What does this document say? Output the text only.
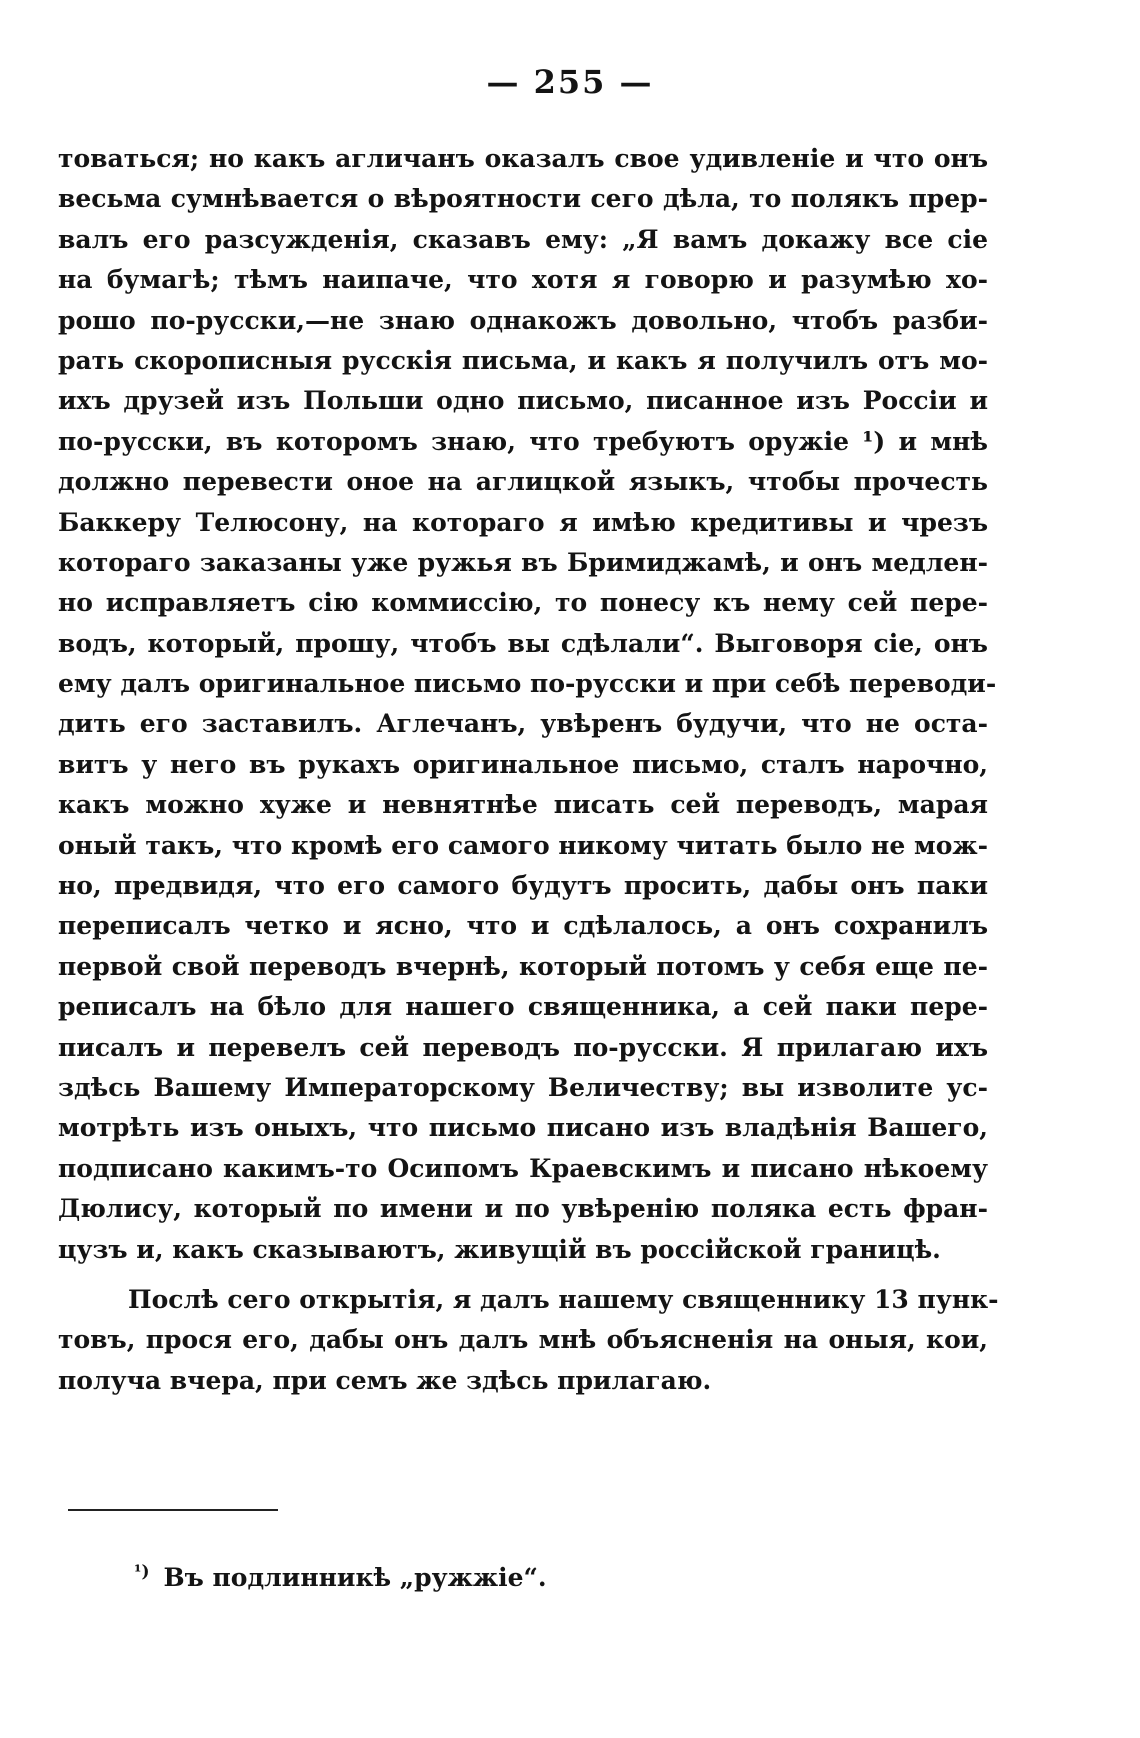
— 255 —
товаться; но какъ агличанъ оказалъ свое удивленіе и что онъ
весьма сумнѣвается о вѣроятности сего дѣла, то полякъ прер-
валъ его разсужденія, сказавъ ему: „Я вамъ докажу все сіе
на бумагѣ; тѣмъ наипаче, что хотя я говорю и разумѣю хо-
рошо по-русски,—не знаю однакожъ довольно, чтобъ разби-
рать скорописныя русскія письма, и какъ я получилъ отъ мо-
ихъ друзей изъ Польши одно письмо, писанное изъ Россіи и
по-русски, въ которомъ знаю, что требуютъ оружіе ¹) и мнѣ
должно перевести оное на аглицкой языкъ, чтобы прочесть
Баккеру Телюсону, на котораго я имѣю кредитивы и чрезъ
котораго заказаны уже ружья въ Бримиджамѣ, и онъ медлен-
но исправляетъ сію коммиссію, то понесу къ нему сей пере-
водъ, который, прошу, чтобъ вы сдѣлали“. Выговоря сіе, онъ
ему далъ оригинальное письмо по-русски и при себѣ переводи-
дить его заставилъ. Аглечанъ, увѣренъ будучи, что не оста-
витъ у него въ рукахъ оригинальное письмо, сталъ нарочно,
какъ можно хуже и невнятнѣе писать сей переводъ, марая
оный такъ, что кромѣ его самого никому читать было не мож-
но, предвидя, что его самого будутъ просить, дабы онъ паки
переписалъ четко и ясно, что и сдѣлалось, а онъ сохранилъ
первой свой переводъ вчернѣ, который потомъ у себя еще пе-
реписалъ на бѣло для нашего священника, а сей паки пере-
писалъ и перевелъ сей переводъ по-русски. Я прилагаю ихъ
здѣсь Вашему Императорскому Величеству; вы изволите ус-
мотрѣть изъ оныхъ, что письмо писано изъ владѣнія Вашего,
подписано какимъ-то Осипомъ Краевскимъ и писано нѣкоему
Дюлису, который по имени и по увѣренію поляка есть фран-
цузъ и, какъ сказываютъ, живущій въ россійской границѣ.
Послѣ сего открытія, я далъ нашему священнику 13 пунк-
товъ, прося его, дабы онъ далъ мнѣ объясненія на оныя, кои,
получа вчера, при семъ же здѣсь прилагаю.
$^{^1)}$ Въ подлинникѣ „ружжіе“.
